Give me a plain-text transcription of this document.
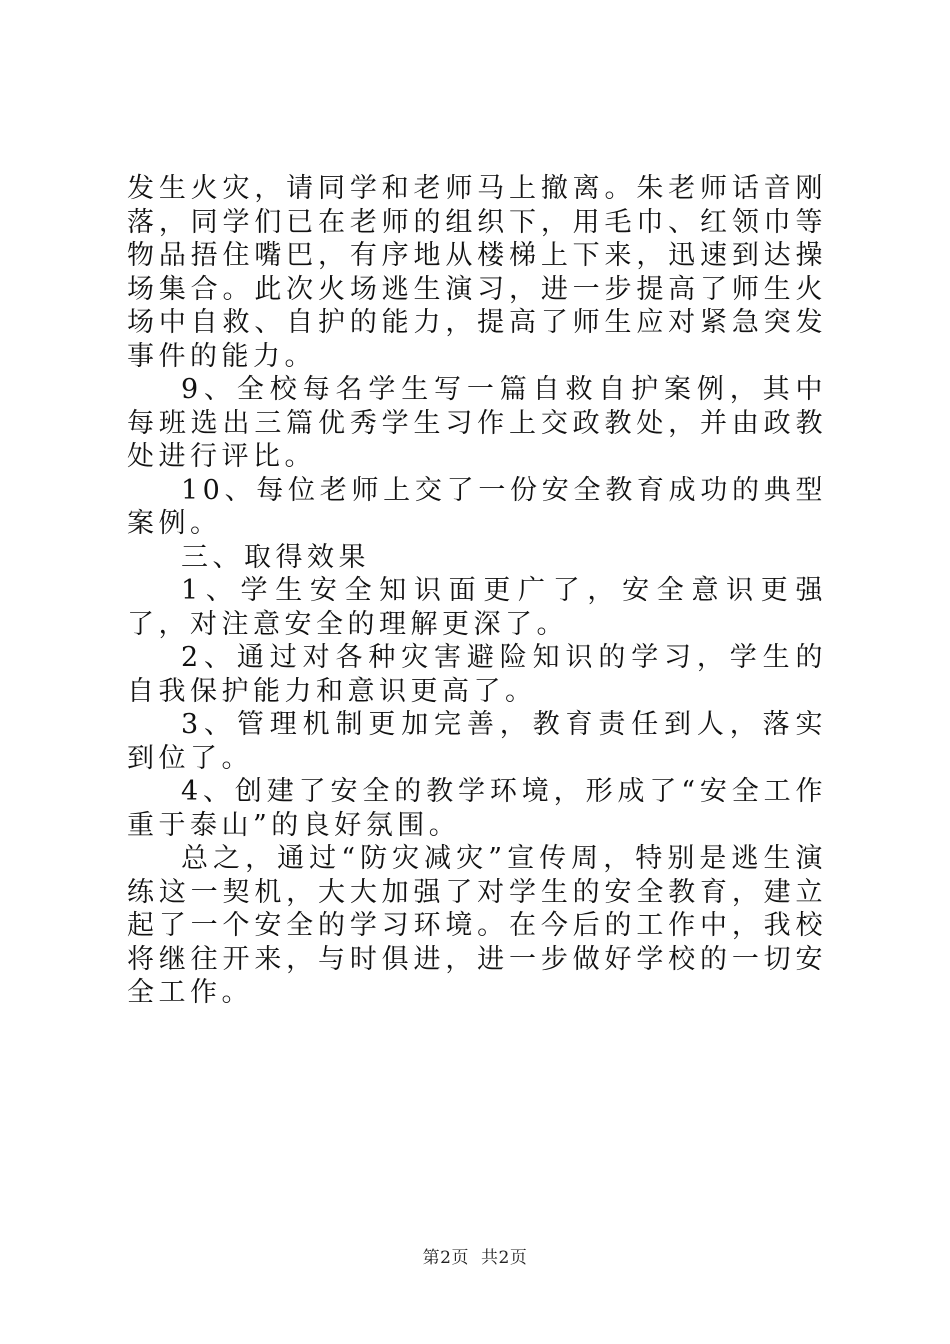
发生火灾，请同学和老师马上撤离。朱老师话音刚落，同学们已在老师的组织下，用毛巾、红领巾等物品捂住嘴巴，有序地从楼梯上下来，迅速到达操场集合。此次火场逃生演习，进一步提高了师生火场中自救、自护的能力，提高了师生应对紧急突发事件的能力。

9、全校每名学生写一篇自救自护案例，其中每班选出三篇优秀学生习作上交政教处，并由政教处进行评比。

10、每位老师上交了一份安全教育成功的典型案例。

三、取得效果

1、学生安全知识面更广了，安全意识更强了，对注意安全的理解更深了。

2、通过对各种灾害避险知识的学习，学生的自我保护能力和意识更高了。

3、管理机制更加完善，教育责任到人，落实到位了。

4、创建了安全的教学环境，形成了“安全工作重于泰山”的良好氛围。

总之，通过“防灾减灾”宣传周，特别是逃生演练这一契机，大大加强了对学生的安全教育，建立起了一个安全的学习环境。在今后的工作中，我校将继往开来，与时俱进，进一步做好学校的一切安全工作。

第2页 共2页
